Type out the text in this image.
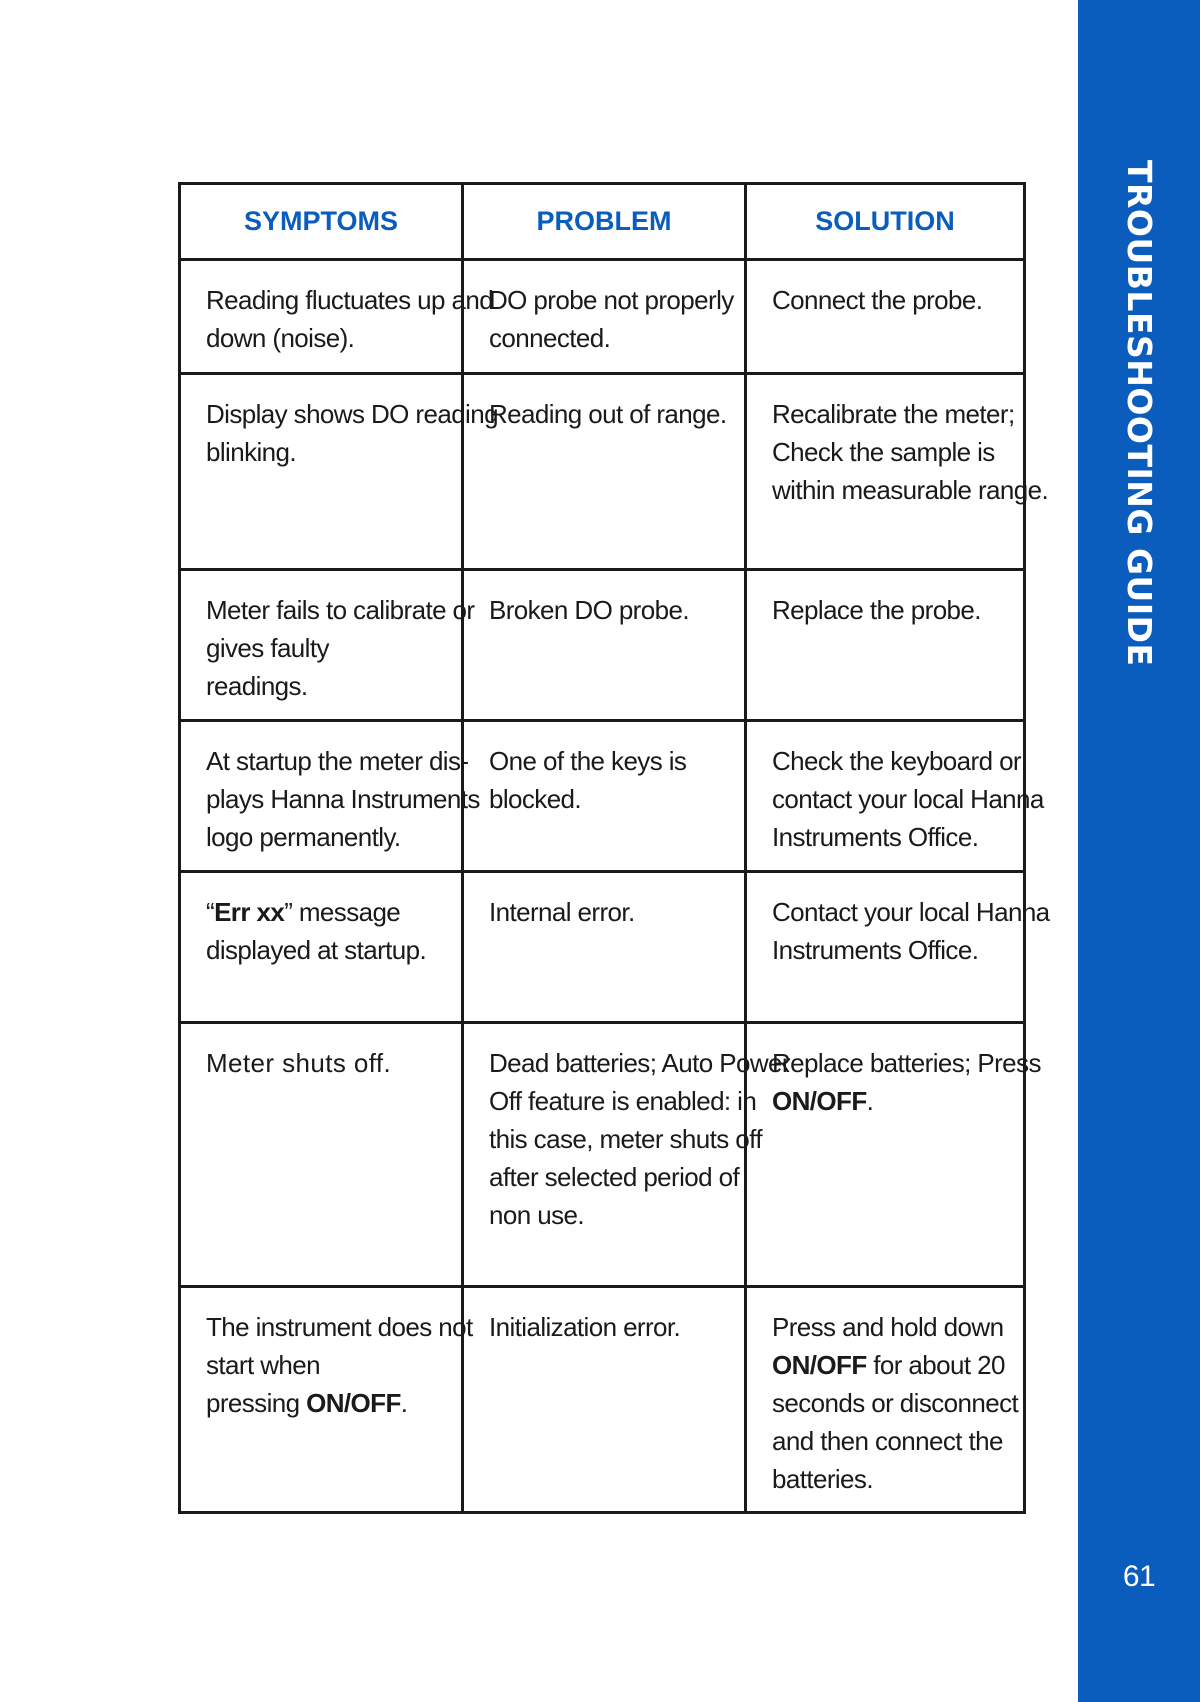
TROUBLESHOOTING GUIDE
61
SYMPTOMS	PROBLEM	SOLUTION

Reading fluctuates up and
down (noise).	DO probe not properly
connected.	Connect the probe.

Display shows DO reading
blinking.	Reading out of range.	Recalibrate the meter;
Check the sample is
within measurable range.

Meter fails to calibrate or
gives faulty
readings.	Broken DO probe.	Replace the probe.

At startup the meter dis-
plays Hanna Instruments
logo permanently.	One of the keys is
blocked.	Check the keyboard or
contact your local Hanna
Instruments Office.

“Err xx” message
displayed at startup.	Internal error.	Contact your local Hanna
Instruments Office.

Meter shuts off.	Dead batteries; Auto Power
Off feature is enabled: in
this case, meter shuts off
after selected period of
non use.	Replace batteries; Press
ON/OFF.

The instrument does not
start when
pressing ON/OFF.	Initialization error.	Press and hold down
ON/OFF for about 20
seconds or disconnect
and then connect the
batteries.
